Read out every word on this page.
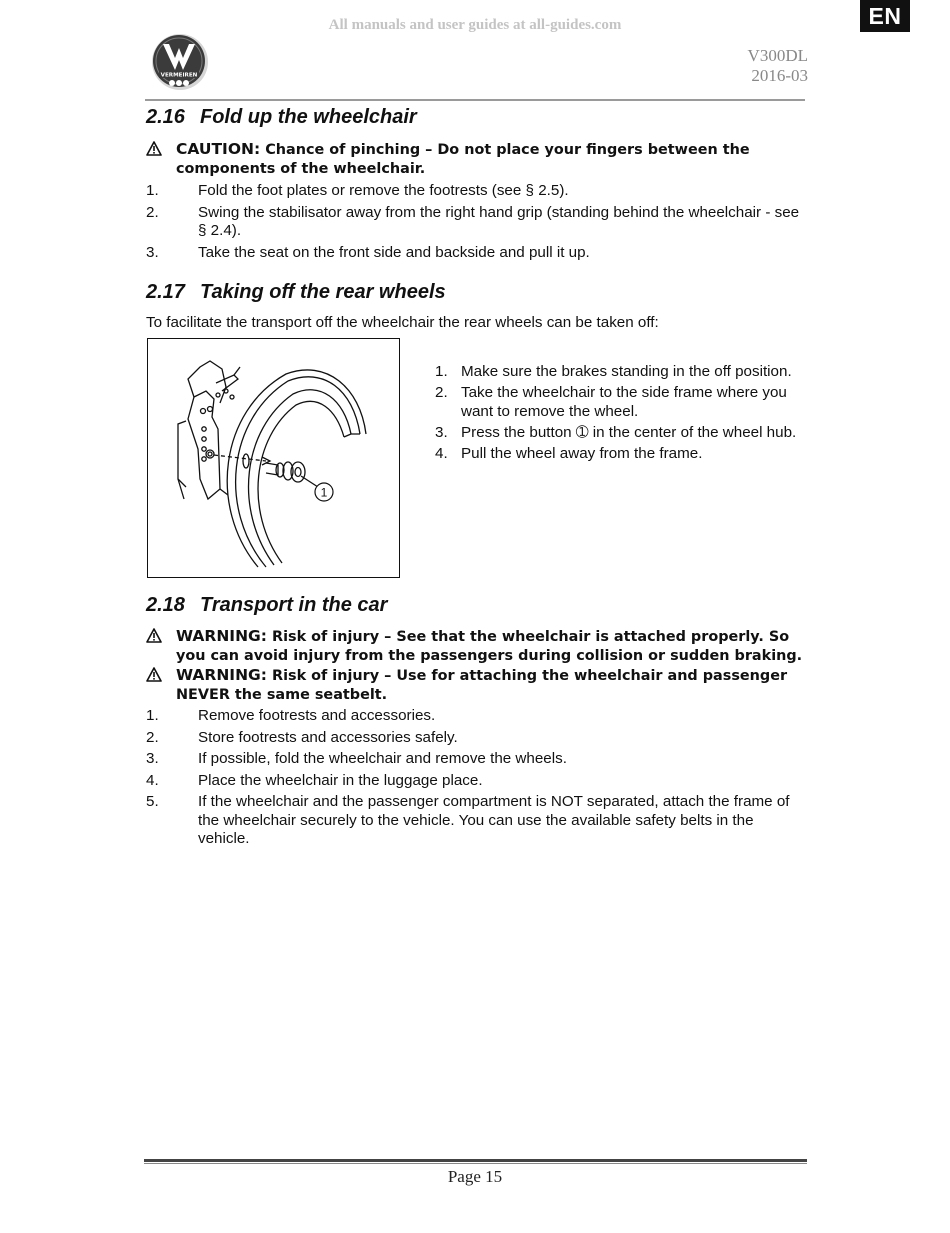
All manuals and user guides at all-guides.com	EN
VERMEIREN
V300DL
2016-03
2.16 Fold up the wheelchair
CAUTION: Chance of pinching – Do not place your fingers between the components of the wheelchair.
1.	Fold the foot plates or remove the footrests (see § 2.5).
2.	Swing the stabilisator away from the right hand grip (standing behind the wheelchair - see § 2.4).
3.	Take the seat on the front side and backside and pull it up.
2.17 Taking off the rear wheels
To facilitate the transport off the wheelchair the rear wheels can be taken off:
1
1. Make sure the brakes standing in the off position.
2. Take the wheelchair to the side frame where you want to remove the wheel.
3. Press the button ➀ in the center of the wheel hub.
4. Pull the wheel away from the frame.
2.18 Transport in the car
WARNING: Risk of injury – See that the wheelchair is attached properly. So you can avoid injury from the passengers during collision or sudden braking.
WARNING: Risk of injury – Use for attaching the wheelchair and passenger NEVER the same seatbelt.
1.	Remove footrests and accessories.
2.	Store footrests and accessories safely.
3.	If possible, fold the wheelchair and remove the wheels.
4.	Place the wheelchair in the luggage place.
5.	If the wheelchair and the passenger compartment is NOT separated, attach the frame of the wheelchair securely to the vehicle. You can use the available safety belts in the vehicle.
Page 15
